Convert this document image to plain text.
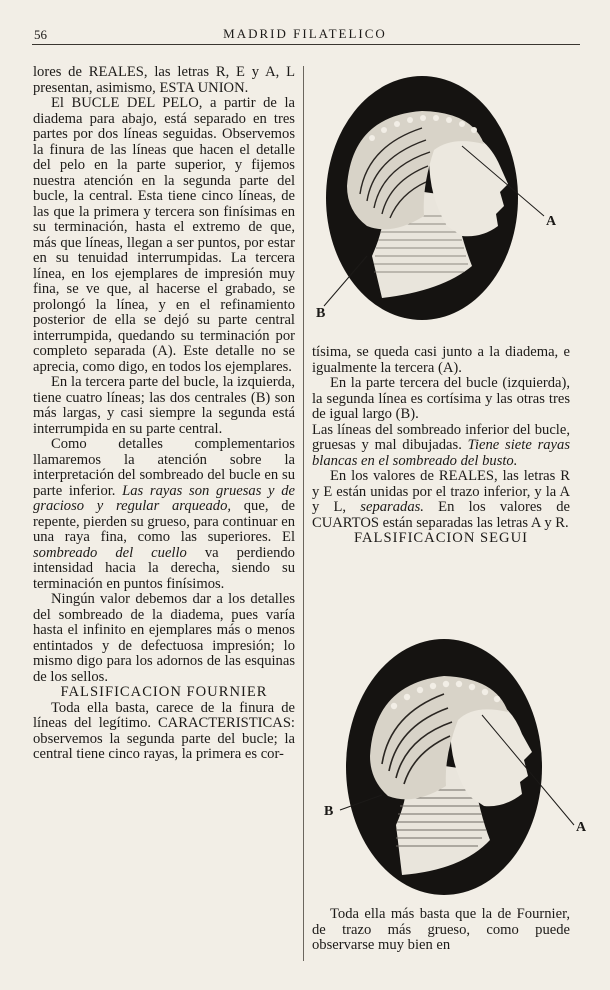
56	MADRID FILATELICO

lores de REALES, las letras R, E y A, L presentan, asimismo, ESTA UNION.

El BUCLE DEL PELO, a partir de la diadema para abajo, está separado en tres partes por dos líneas seguidas. Observemos la finura de las líneas que hacen el detalle del pelo en la parte superior, y fijemos nuestra atención en la segunda parte del bucle, la central. Esta tiene cinco líneas, de las que la primera y tercera son finísimas en su terminación, hasta el extremo de que, más que líneas, llegan a ser puntos, por estar en su tenuidad interrumpidas. La tercera línea, en los ejemplares de impresión muy fina, se ve que, al hacerse el grabado, se prolongó la línea, y en el refinamiento posterior de ella se dejó su parte central interrumpida, quedando su terminación por completo separada (A). Este detalle no se aprecia, como digo, en todos los ejemplares.

En la tercera parte del bucle, la izquierda, tiene cuatro líneas; las dos centrales (B) son más largas, y casi siempre la segunda está interrumpida en su parte central.

Como detalles complementarios llamaremos la atención sobre la interpretación del sombreado del bucle en su parte inferior. Las rayas son gruesas y de gracioso y regular arqueado, que, de repente, pierden su grueso, para continuar en una raya fina, como las superiores. El sombreado del cuello va perdiendo intensidad hacia la derecha, siendo su terminación en puntos finísimos.

Ningún valor debemos dar a los detalles del sombreado de la diadema, pues varía hasta el infinito en ejemplares más o menos entintados y de defectuosa impresión; lo mismo digo para los adornos de las esquinas de los sellos.

FALSIFICACION FOURNIER

Toda ella basta, carece de la finura de líneas del legítimo. CARACTERISTICAS: observemos la segunda parte del bucle; la central tiene cinco rayas, la primera es cor-

A
B

tísima, se queda casi junto a la diadema, e igualmente la tercera (A).

En la parte tercera del bucle (izquierda), la segunda línea es cortísima y las otras tres de igual largo (B).

Las líneas del sombreado inferior del bucle, gruesas y mal dibujadas. Tiene siete rayas blancas en el sombreado del busto.

En los valores de REALES, las letras R y E están unidas por el trazo inferior, y la A y L, separadas. En los valores de CUARTOS están separadas las letras A y R.

FALSIFICACION SEGUI

A
B

Toda ella más basta que la de Fournier, de trazo más grueso, como puede observarse muy bien en
